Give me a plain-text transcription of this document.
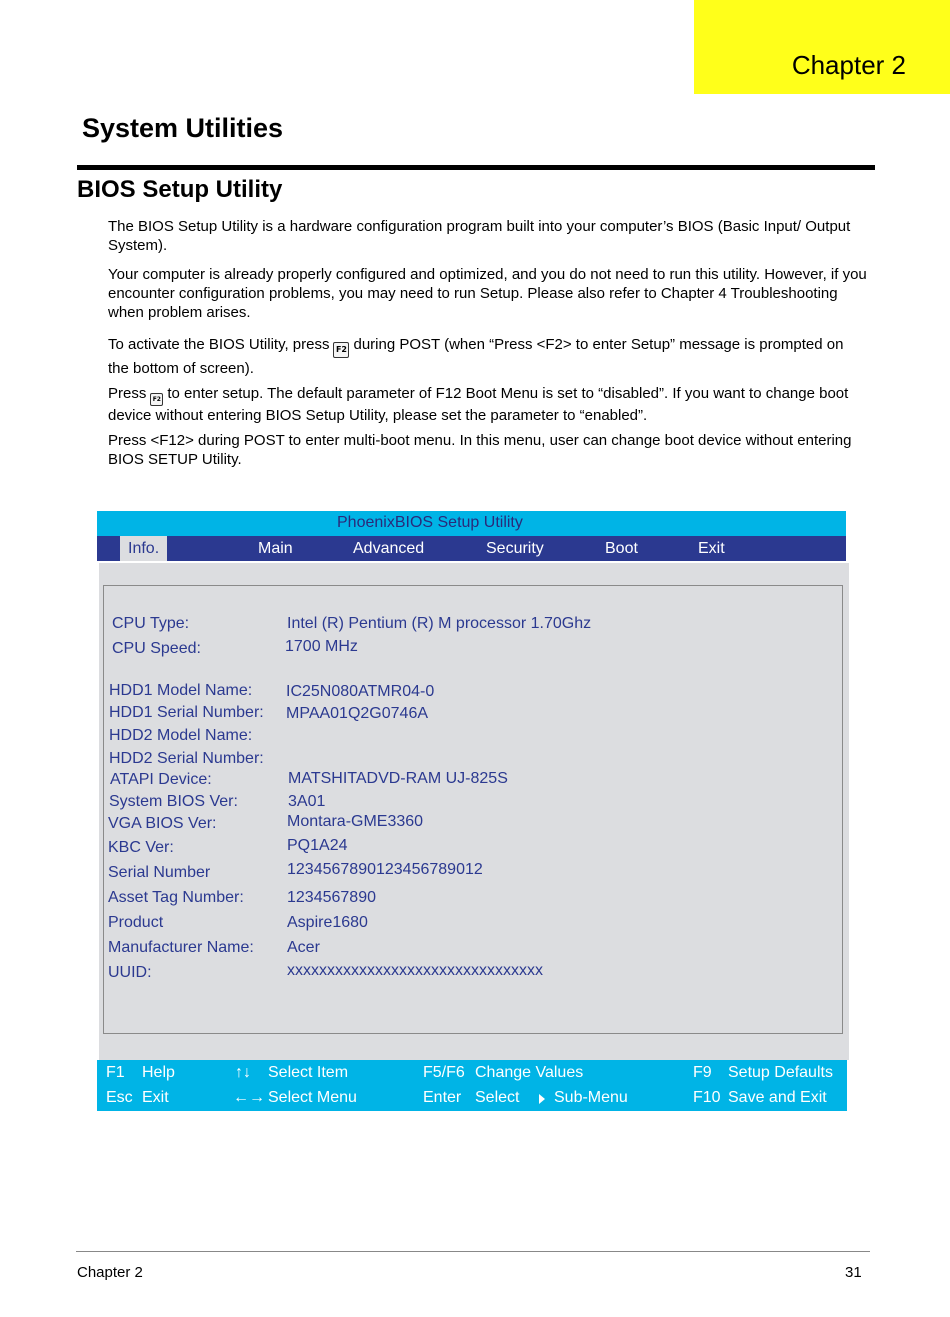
Chapter 2
System Utilities
BIOS Setup Utility

The BIOS Setup Utility is a hardware configuration program built into your computer’s BIOS (Basic Input/ Output System).

Your computer is already properly configured and optimized, and you do not need to run this utility. However, if you encounter configuration problems, you may need to run Setup. Please also refer to Chapter 4 Troubleshooting when problem arises.

To activate the BIOS Utility, press F2 during POST (when “Press <F2> to enter Setup” message is prompted on the bottom of screen).

Press F2 to enter setup. The default parameter of F12 Boot Menu is set to “disabled”. If you want to change boot device without entering BIOS Setup Utility, please set the parameter to “enabled”.

Press <F12> during POST to enter multi-boot menu. In this menu, user can change boot device without entering BIOS SETUP Utility.

PhoenixBIOS Setup Utility
Info.	Main	Advanced	Security	Boot	Exit
CPU Type:	Intel (R) Pentium (R) M processor 1.70Ghz
CPU Speed:	1700 MHz
HDD1 Model Name: IC25N080ATMR04-0
HDD1 Serial Number: MPAA01Q2G0746A
HDD2 Model Name:
HDD2 Serial Number:
ATAPI Device:	MATSHITADVD-RAM UJ-825S
System BIOS Ver:	3A01
VGA BIOS Ver:	Montara-GME3360
KBC Ver:	PQ1A24
Serial Number	1234567890123456789012
Asset Tag Number:	1234567890
Product	Aspire1680
Manufacturer Name: Acer
UUID:	xxxxxxxxxxxxxxxxxxxxxxxxxxxxxxxx
F1 Help	↑↓ Select Item	F5/F6 Change Values	F9 Setup Defaults
Esc Exit	←→ Select Menu	Enter Select Sub-Menu	F10 Save and Exit
Chapter 2	31
